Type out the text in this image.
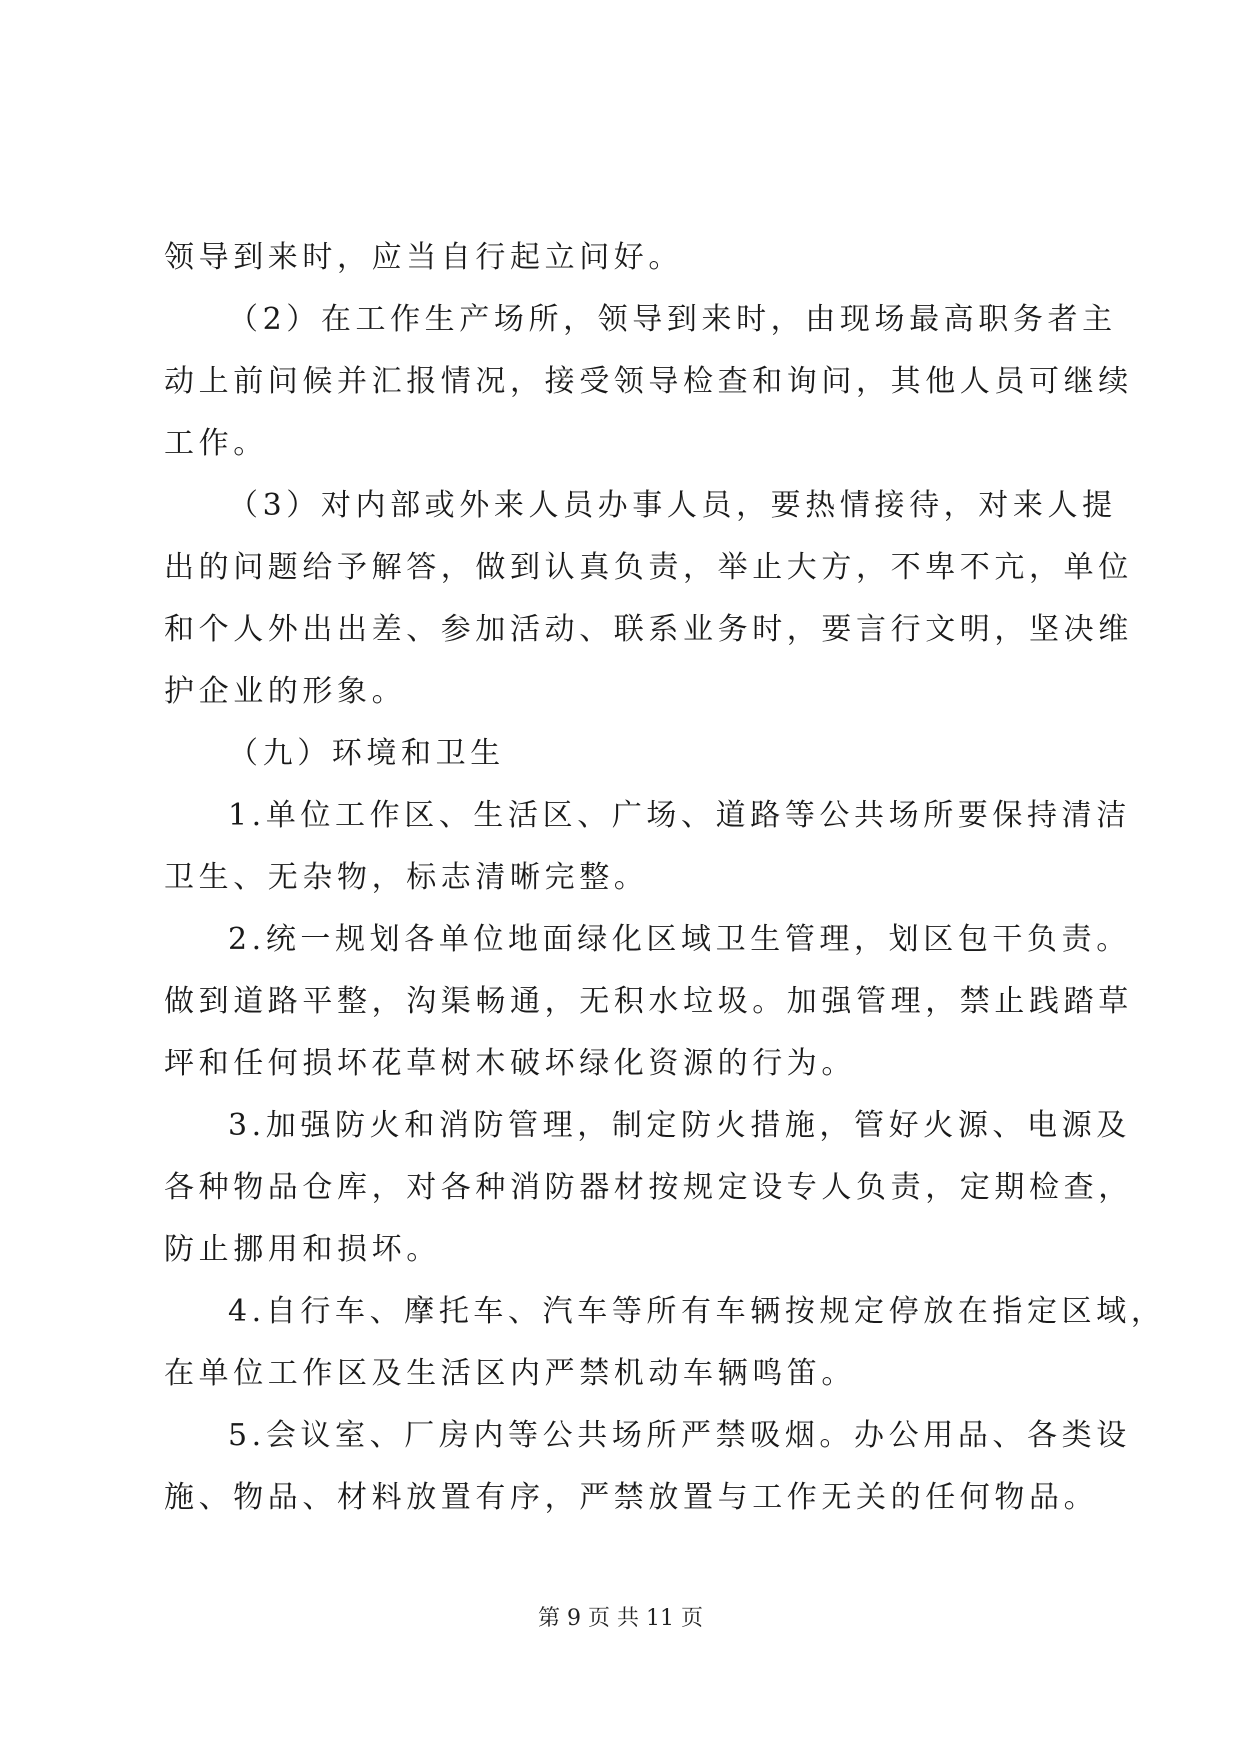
领导到来时，应当自行起立问好。
（2）在工作生产场所，领导到来时，由现场最高职务者主
动上前问候并汇报情况，接受领导检查和询问，其他人员可继续
工作。
（3）对内部或外来人员办事人员，要热情接待，对来人提
出的问题给予解答，做到认真负责，举止大方，不卑不亢，单位
和个人外出出差、参加活动、联系业务时，要言行文明，坚决维
护企业的形象。
（九）环境和卫生
1.单位工作区、生活区、广场、道路等公共场所要保持清洁
卫生、无杂物，标志清晰完整。
2.统一规划各单位地面绿化区域卫生管理，划区包干负责。
做到道路平整，沟渠畅通，无积水垃圾。加强管理，禁止践踏草
坪和任何损坏花草树木破坏绿化资源的行为。
3.加强防火和消防管理，制定防火措施，管好火源、电源及
各种物品仓库，对各种消防器材按规定设专人负责，定期检查，
防止挪用和损坏。
4.自行车、摩托车、汽车等所有车辆按规定停放在指定区域，
在单位工作区及生活区内严禁机动车辆鸣笛。
5.会议室、厂房内等公共场所严禁吸烟。办公用品、各类设
施、物品、材料放置有序，严禁放置与工作无关的任何物品。
第 9 页 共 11 页
